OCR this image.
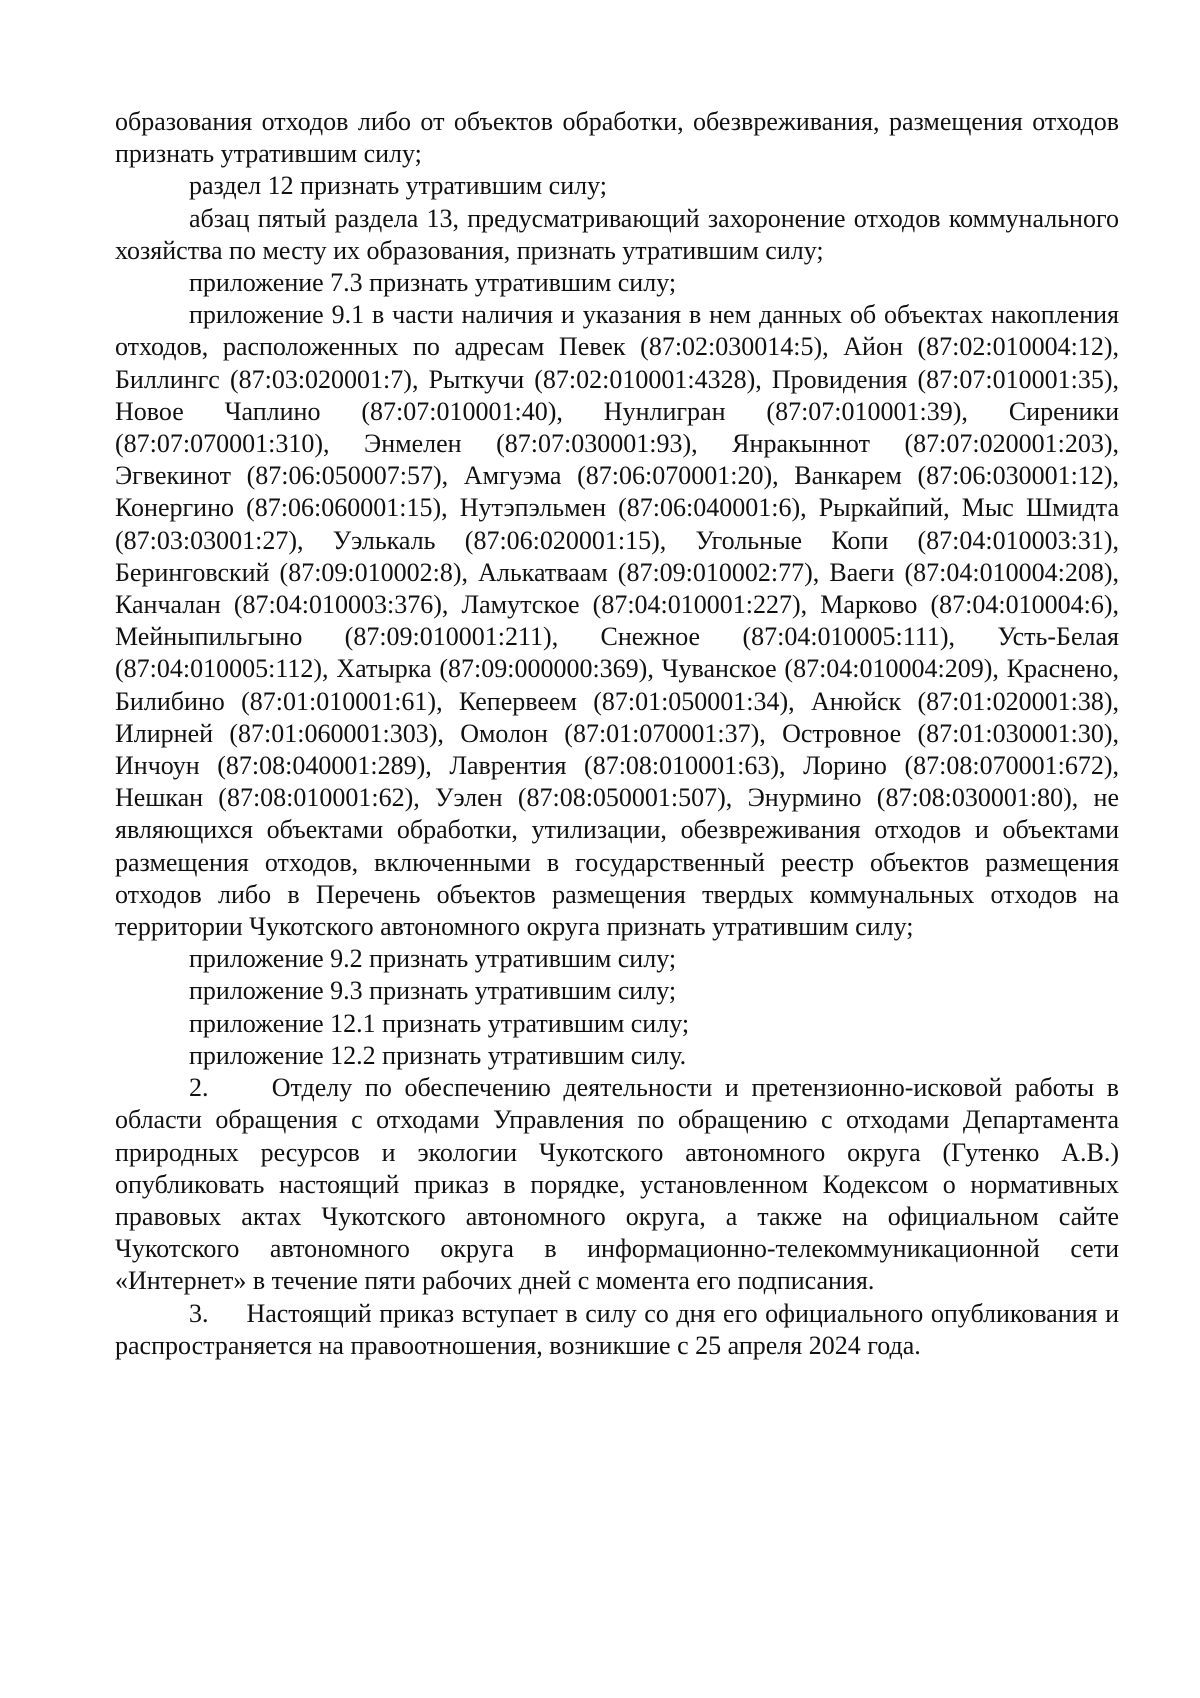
образования отходов либо от объектов обработки, обезвреживания, размещения отходов признать утратившим силу;

раздел 12 признать утратившим силу;

абзац пятый раздела 13, предусматривающий захоронение отходов коммунального хозяйства по месту их образования, признать утратившим силу;

приложение 7.3 признать утратившим силу;

приложение 9.1 в части наличия и указания в нем данных об объектах накопления отходов, расположенных по адресам Певек (87:02:030014:5), Айон (87:02:010004:12), Биллингс (87:03:020001:7), Рыткучи (87:02:010001:4328), Провидения (87:07:010001:35), Новое Чаплино (87:07:010001:40), Нунлигран (87:07:010001:39), Сиреники (87:07:070001:310), Энмелен (87:07:030001:93), Янракыннот (87:07:020001:203), Эгвекинот (87:06:050007:57), Амгуэма (87:06:070001:20), Ванкарем (87:06:030001:12), Конергино (87:06:060001:15), Нутэпэльмен (87:06:040001:6), Рыркайпий, Мыс Шмидта (87:03:03001:27), Уэлькаль (87:06:020001:15), Угольные Копи (87:04:010003:31), Беринговский (87:09:010002:8), Алькатваам (87:09:010002:77), Ваеги (87:04:010004:208), Канчалан (87:04:010003:376), Ламутское (87:04:010001:227), Марково (87:04:010004:6), Мейныпильгыно (87:09:010001:211), Снежное (87:04:010005:111), Усть-Белая (87:04:010005:112), Хатырка (87:09:000000:369), Чуванское (87:04:010004:209), Краснено, Билибино (87:01:010001:61), Кепервеем (87:01:050001:34), Анюйск (87:01:020001:38), Илирней (87:01:060001:303), Омолон (87:01:070001:37), Островное (87:01:030001:30), Инчоун (87:08:040001:289), Лаврентия (87:08:010001:63), Лорино (87:08:070001:672), Нешкан (87:08:010001:62), Уэлен (87:08:050001:507), Энурмино (87:08:030001:80), не являющихся объектами обработки, утилизации, обезвреживания отходов и объектами размещения отходов, включенными в государственный реестр объектов размещения отходов либо в Перечень объектов размещения твердых коммунальных отходов на территории Чукотского автономного округа признать утратившим силу;

приложение 9.2 признать утратившим силу;

приложение 9.3 признать утратившим силу;

приложение 12.1 признать утратившим силу;

приложение 12.2 признать утратившим силу.

2.     Отделу по обеспечению деятельности и претензионно-исковой работы в области обращения с отходами Управления по обращению с отходами Департамента природных ресурсов и экологии Чукотского автономного округа (Гутенко А.В.) опубликовать настоящий приказ в порядке, установленном Кодексом о нормативных правовых актах Чукотского автономного округа, а также на официальном сайте Чукотского автономного округа в информационно-телекоммуникационной сети «Интернет» в течение пяти рабочих дней с момента его подписания.

3.     Настоящий приказ вступает в силу со дня его официального опубликования и распространяется на правоотношения, возникшие с 25 апреля 2024 года.
